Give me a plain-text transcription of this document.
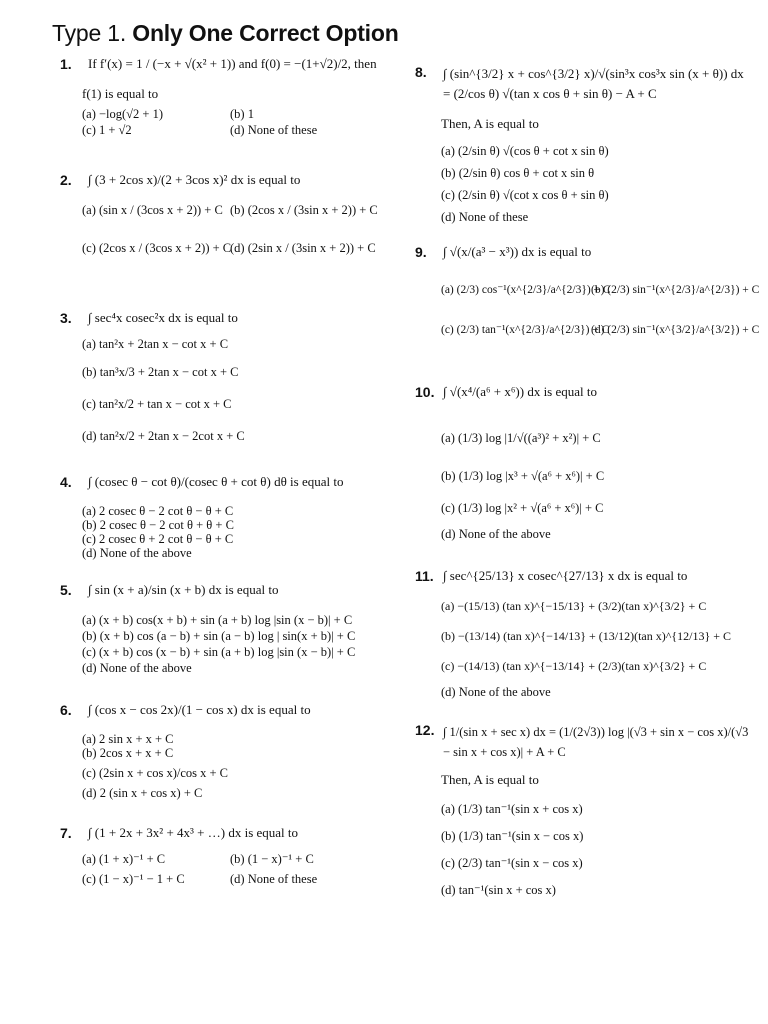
Type 1. Only One Correct Option
1.	If f′(x) = 1 / (−x + √(x² + 1)) and f(0) = −(1+√2)/2, then
f(1) is equal to
(a) −log(√2 + 1)	(b) 1
(c) 1 + √2	(d) None of these
2.	∫ (3 + 2cos x)/(2 + 3cos x)² dx is equal to
(a) (sin x / (3cos x + 2)) + C (b) (2cos x / (3sin x + 2)) + C
(c) (2cos x / (3cos x + 2)) + C
(d) (2sin x / (3sin x + 2)) + C
3.	∫ sec⁴x cosec²x dx is equal to
(a) tan²x + 2tan x − cot x + C
(b) tan³x/3 + 2tan x − cot x + C
(c) tan²x/2 + tan x − cot x + C
(d) tan²x/2 + 2tan x − 2cot x + C
4.	∫ (cosec θ − cot θ)/(cosec θ + cot θ) dθ is equal to
(a) 2 cosec θ − 2 cot θ − θ + C
(b) 2 cosec θ − 2 cot θ + θ + C
(c) 2 cosec θ + 2 cot θ − θ + C
(d) None of the above
5.	∫ sin (x + a)/sin (x + b) dx is equal to
(a) (x + b) cos(x + b) + sin (a + b) log |sin (x − b)| + C
(b) (x + b) cos (a − b) + sin (a − b) log | sin(x + b)| + C
(c) (x + b) cos (x − b) + sin (a + b) log |sin (x − b)| + C
(d) None of the above
6.	∫ (cos x − cos 2x)/(1 − cos x) dx is equal to
(a) 2 sin x + x + C
(b) 2cos x + x + C
(c) (2sin x + cos x)/cos x + C
(d) 2 (sin x + cos x) + C
7.	∫ (1 + 2x + 3x² + 4x³ + …) dx is equal to
(a) (1 + x)⁻¹ + C	(b) (1 − x)⁻¹ + C
(c) (1 − x)⁻¹ − 1 + C	(d) None of these
8.	∫ (sin^{3/2} x + cos^{3/2} x)/√(sin³x cos³x sin (x + θ)) dx = (2/cos θ) √(tan x cos θ + sin θ) − A + C
Then, A is equal to
(a) (2/sin θ) √(cos θ + cot x sin θ)
(b) (2/sin θ) cos θ + cot x sin θ
(c) (2/sin θ) √(cot x cos θ + sin θ)
(d) None of these
9.	∫ √(x/(a³ − x³)) dx is equal to
(a) (2/3) cos⁻¹(x^{2/3}/a^{2/3}) + C
(b) (2/3) sin⁻¹(x^{2/3}/a^{2/3}) + C
(c) (2/3) tan⁻¹(x^{2/3}/a^{2/3}) + C
(d) (2/3) sin⁻¹(x^{3/2}/a^{3/2}) + C
10. ∫ √(x⁴/(a⁶ + x⁶)) dx is equal to
(a) (1/3) log |1/√((a³)² + x²)| + C
(b) (1/3) log |x³ + √(a⁶ + x⁶)| + C
(c) (1/3) log |x² + √(a⁶ + x⁶)| + C
(d) None of the above
11. ∫ sec^{25/13} x cosec^{27/13} x dx is equal to
(a) −(15/13) (tan x)^{−15/13} + (3/2)(tan x)^{3/2} + C
(b) −(13/14) (tan x)^{−14/13} + (13/12)(tan x)^{12/13} + C
(c) −(14/13) (tan x)^{−13/14} + (2/3)(tan x)^{3/2} + C
(d) None of the above
12. ∫ 1/(sin x + sec x) dx = (1/(2√3)) log |(√3 + sin x − cos x)/(√3 − sin x + cos x)| + A + C
Then, A is equal to
(a) (1/3) tan⁻¹(sin x + cos x)
(b) (1/3) tan⁻¹(sin x − cos x)
(c) (2/3) tan⁻¹(sin x − cos x)
(d) tan⁻¹(sin x + cos x)
